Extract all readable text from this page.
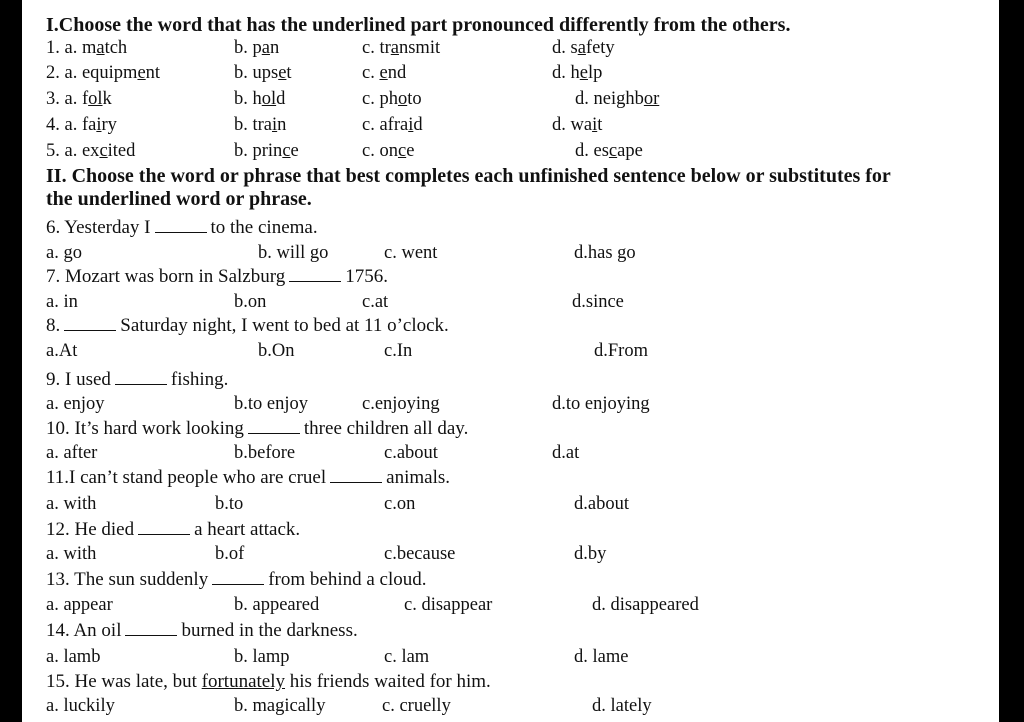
I.Choose the word that has the underlined part pronounced differently from the others.
1. a. match	b. pan	c. transmit	d. safety
2. a. equipment	b. upset	c. end	d. help
3. a. folk	b. hold	c. photo	d. neighbor
4. a. fairy	b. train	c. afraid	d. wait
5. a. excited	b. prince	c. once	d. escape
II. Choose the word or phrase that best completes each unfinished sentence below or substitutes for
the underlined word or phrase.
6. Yesterday I	to the cinema.
a. go	b. will go	c. went	d.has go
7. Mozart was born in Salzburg	1756.
a. in	b.on	c.at	d.since
8.	Saturday night, I went to bed at 11 o’clock.
a.At	b.On	c.In	d.From
9. I used	fishing.
a. enjoy	b.to enjoy	c.enjoying	d.to enjoying
10. It’s hard work looking	three children all day.
a. after	b.before	c.about	d.at
11.I can’t stand people who are cruel	animals.
a. with	b.to	c.on	d.about
12. He died	a heart attack.
a. with	b.of	c.because	d.by
13. The sun suddenly	from behind a cloud.
a. appear	b. appeared	c. disappear	d. disappeared
14. An oil	burned in the darkness.
a. lamb	b. lamp	c. lam	d. lame
15. He was late, but fortunately his friends waited for him.
a. luckily	b. magically	c. cruelly	d. lately
